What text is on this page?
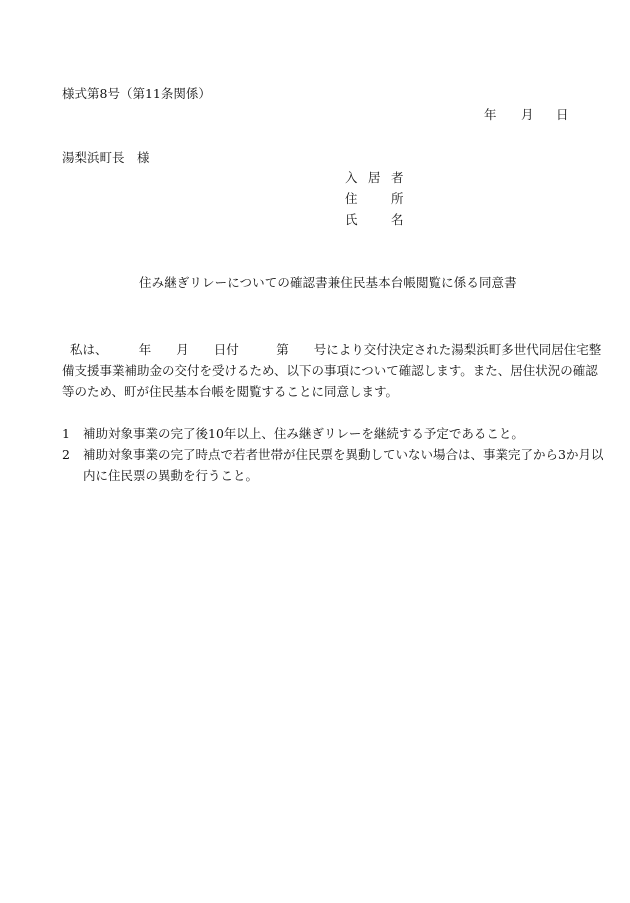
様式第8号（第11条関係）
年 月 日
湯梨浜町長　様
入 居 者
住	所
氏	名
住み継ぎリレーについての確認書兼住民基本台帳閲覧に係る同意書
私は、　　　年　　月　　日付　　　第　　号により交付決定された湯梨浜町多世代同居住宅整
備支援事業補助金の交付を受けるため、以下の事項について確認します。また、居住状況の確認
等のため、町が住民基本台帳を閲覧することに同意します。
1 補助対象事業の完了後10年以上、住み継ぎリレーを継続する予定であること。
2 補助対象事業の完了時点で若者世帯が住民票を異動していない場合は、事業完了から3か月以
内に住民票の異動を行うこと。
